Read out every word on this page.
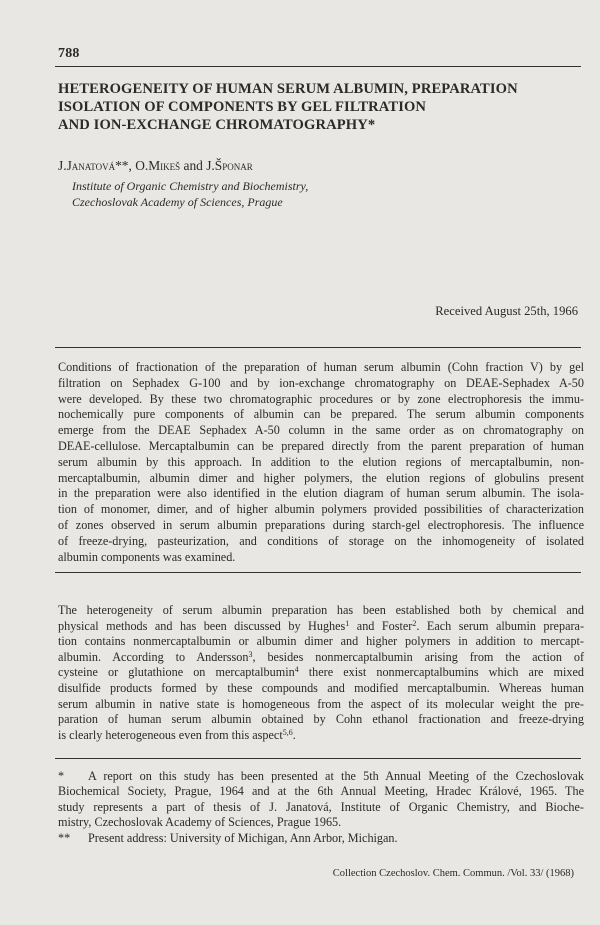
788
HETEROGENEITY OF HUMAN SERUM ALBUMIN, PREPARATION
ISOLATION OF COMPONENTS BY GEL FILTRATION
AND ION-EXCHANGE CHROMATOGRAPHY*
J.Janatová**, O.Mikeš and J.Šponar
Institute of Organic Chemistry and Biochemistry,
Czechoslovak Academy of Sciences, Prague
Received August 25th, 1966
Conditions of fractionation of the preparation of human serum albumin (Cohn fraction V) by gel
filtration on Sephadex G-100 and by ion-exchange chromatography on DEAE-Sephadex A-50
were developed. By these two chromatographic procedures or by zone electrophoresis the immu-
nochemically pure components of albumin can be prepared. The serum albumin components
emerge from the DEAE Sephadex A-50 column in the same order as on chromatography on
DEAE-cellulose. Mercaptalbumin can be prepared directly from the parent preparation of human
serum albumin by this approach. In addition to the elution regions of mercaptalbumin, non-
mercaptalbumin, albumin dimer and higher polymers, the elution regions of globulins present
in the preparation were also identified in the elution diagram of human serum albumin. The isola-
tion of monomer, dimer, and of higher albumin polymers provided possibilities of characterization
of zones observed in serum albumin preparations during starch-gel electrophoresis. The influence
of freeze-drying, pasteurization, and conditions of storage on the inhomogeneity of isolated
albumin components was examined.
The heterogeneity of serum albumin preparation has been established both by chemical and
physical methods and has been discussed by Hughes$^1$ and Foster$^2$. Each serum albumin prepara-
tion contains nonmercaptalbumin or albumin dimer and higher polymers in addition to mercapt-
albumin. According to Andersson$^3$, besides nonmercaptalbumin arising from the action of
cysteine or glutathione on mercaptalbumin$^4$ there exist nonmercaptalbumins which are mixed
disulfide products formed by these compounds and modified mercaptalbumin. Whereas human
serum albumin in native state is homogeneous from the aspect of its molecular weight the pre-
paration of human serum albumin obtained by Cohn ethanol fractionation and freeze-drying
is clearly heterogeneous even from this aspect$^{5,6}$.
* A report on this study has been presented at the 5th Annual Meeting of the Czechoslovak
Biochemical Society, Prague, 1964 and at the 6th Annual Meeting, Hradec Králové, 1965. The
study represents a part of thesis of J. Janatová, Institute of Organic Chemistry, and Bioche-
mistry, Czechoslovak Academy of Sciences, Prague 1965.
** Present address: University of Michigan, Ann Arbor, Michigan.
Collection Czechoslov. Chem. Commun. /Vol. 33/ (1968)
